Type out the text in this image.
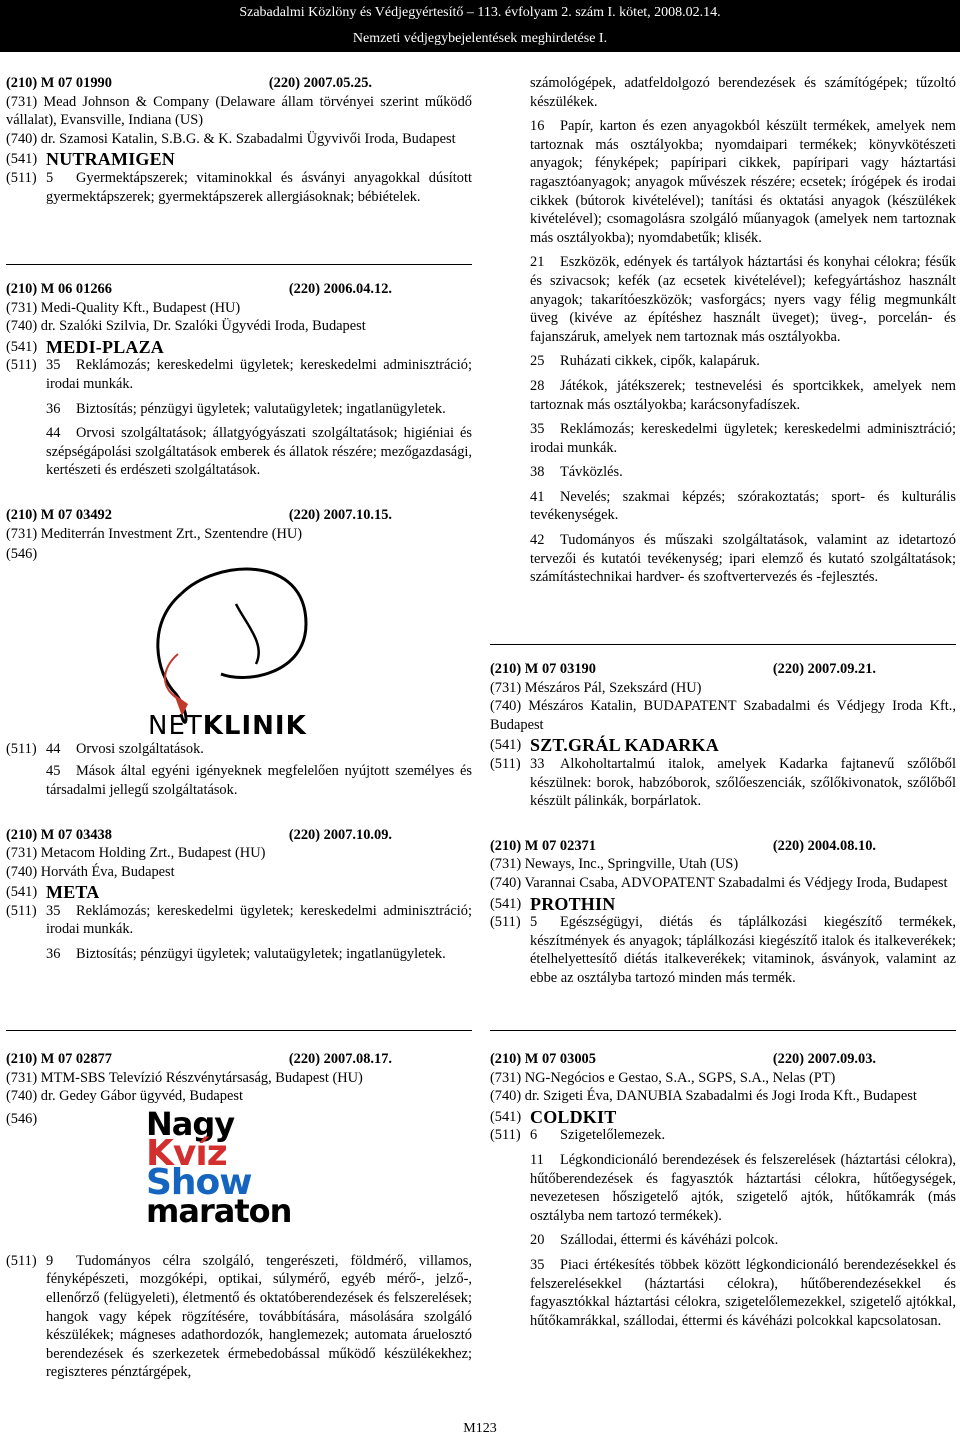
Szabadalmi Közlöny és Védjegyértesítő – 113. évfolyam 2. szám I. kötet, 2008.02.14.
Nemzeti védjegybejelentések meghirdetése I.
(210) M 07 01990	(220) 2007.05.25.
(731) Mead Johnson & Company (Delaware állam törvényei szerint működő vállalat), Evansville, Indiana (US)
(740) dr. Szamosi Katalin, S.B.G. & K. Szabadalmi Ügyvivői Iroda, Budapest
(541) NUTRAMIGEN
(511) 5 Gyermektápszerek; vitaminokkal és ásványi anyagokkal dúsított gyermektápszerek; gyermektápszerek allergiásoknak; bébiételek.
(210) M 06 01266	(220) 2006.04.12.
(731) Medi-Quality Kft., Budapest (HU)
(740) dr. Szalóki Szilvia, Dr. Szalóki Ügyvédi Iroda, Budapest
(541) MEDI-PLAZA
(511) 35 Reklámozás; kereskedelmi ügyletek; kereskedelmi adminisztráció; irodai munkák.
36 Biztosítás; pénzügyi ügyletek; valutaügyletek; ingatlanügyletek.
44 Orvosi szolgáltatások; állatgyógyászati szolgáltatások; higiéniai és szépségápolási szolgáltatások emberek és állatok részére; mezőgazdasági, kertészeti és erdészeti szolgáltatások.
(210) M 07 03492	(220) 2007.10.15.
(731) Mediterrán Investment Zrt., Szentendre (HU)
(546)
NETKLINIK
(511) 44 Orvosi szolgáltatások.
45 Mások által egyéni igényeknek megfelelően nyújtott személyes és társadalmi jellegű szolgáltatások.
(210) M 07 03438	(220) 2007.10.09.
(731) Metacom Holding Zrt., Budapest (HU)
(740) Horváth Éva, Budapest
(541) META
(511) 35 Reklámozás; kereskedelmi ügyletek; kereskedelmi adminisztráció; irodai munkák.
36 Biztosítás; pénzügyi ügyletek; valutaügyletek; ingatlanügyletek.
(210) M 07 02877	(220) 2007.08.17.
(731) MTM-SBS Televízió Részvénytársaság, Budapest (HU)
(740) dr. Gedey Gábor ügyvéd, Budapest
(546)	Nagy
Kvíz
Show
maraton
(511) 9 Tudományos célra szolgáló, tengerészeti, földmérő, villamos, fényképészeti, mozgóképi, optikai, súlymérő, egyéb mérő-, jelző-, ellenőrző (felügyeleti), életmentő és oktatóberendezések és felszerelések; hangok vagy képek rögzítésére, továbbítására, másolására szolgáló készülékek; mágneses adathordozók, hanglemezek; automata áruelosztó berendezések és szerkezetek érmebedobással működő készülékekhez; regiszteres pénztárgépek,
számológépek, adatfeldolgozó berendezések és számítógépek; tűzoltó készülékek.
16 Papír, karton és ezen anyagokból készült termékek, amelyek nem tartoznak más osztályokba; nyomdaipari termékek; könyvkötészeti anyagok; fényképek; papíripari cikkek, papíripari vagy háztartási ragasztóanyagok; anyagok művészek részére; ecsetek; írógépek és irodai cikkek (bútorok kivételével); tanítási és oktatási anyagok (készülékek kivételével); csomagolásra szolgáló műanyagok (amelyek nem tartoznak más osztályokba); nyomdabetűk; klisék.
21 Eszközök, edények és tartályok háztartási és konyhai célokra; fésűk és szivacsok; kefék (az ecsetek kivételével); kefegyártáshoz használt anyagok; takarítóeszközök; vasforgács; nyers vagy félig megmunkált üveg (kivéve az építéshez használt üveget); üveg-, porcelán- és fajanszáruk, amelyek nem tartoznak más osztályokba.
25 Ruházati cikkek, cipők, kalapáruk.
28 Játékok, játékszerek; testnevelési és sportcikkek, amelyek nem tartoznak más osztályokba; karácsonyfadíszek.
35 Reklámozás; kereskedelmi ügyletek; kereskedelmi adminisztráció; irodai munkák.
38 Távközlés.
41 Nevelés; szakmai képzés; szórakoztatás; sport- és kulturális tevékenységek.
42 Tudományos és műszaki szolgáltatások, valamint az idetartozó tervezői és kutatói tevékenység; ipari elemző és kutató szolgáltatások; számítástechnikai hardver- és szoftvertervezés és -fejlesztés.
(210) M 07 03190	(220) 2007.09.21.
(731) Mészáros Pál, Szekszárd (HU)
(740) Mészáros Katalin, BUDAPATENT Szabadalmi és Védjegy Iroda Kft., Budapest
(541) SZT.GRÁL KADARKA
(511) 33 Alkoholtartalmú italok, amelyek Kadarka fajtanevű szőlőből készülnek: borok, habzóborok, szőlőeszenciák, szőlőkivonatok, szőlőből készült pálinkák, borpárlatok.
(210) M 07 02371	(220) 2004.08.10.
(731) Neways, Inc., Springville, Utah (US)
(740) Varannai Csaba, ADVOPATENT Szabadalmi és Védjegy Iroda, Budapest
(541) PROTHIN
(511) 5 Egészségügyi, diétás és táplálkozási kiegészítő termékek, készítmények és anyagok; táplálkozási kiegészítő italok és italkeverékek; ételhelyettesítő diétás italkeverékek; vitaminok, ásványok, valamint az ebbe az osztályba tartozó minden más termék.
(210) M 07 03005	(220) 2007.09.03.
(731) NG-Negócios e Gestao, S.A., SGPS, S.A., Nelas (PT)
(740) dr. Szigeti Éva, DANUBIA Szabadalmi és Jogi Iroda Kft., Budapest
(541) COLDKIT
(511) 6 Szigetelőlemezek.
11 Légkondicionáló berendezések és felszerelések (háztartási célokra), hűtőberendezések és fagyasztók háztartási célokra, hűtőegységek, nevezetesen hőszigetelő ajtók, szigetelő ajtók, hűtőkamrák (más osztályba nem tartozó termékek).
20 Szállodai, éttermi és kávéházi polcok.
35 Piaci értékesítés többek között légkondicionáló berendezésekkel és felszerelésekkel (háztartási célokra), hűtőberendezésekkel és fagyasztókkal háztartási célokra, szigetelőlemezekkel, szigetelő ajtókkal, hűtőkamrákkal, szállodai, éttermi és kávéházi polcokkal kapcsolatosan.
M123
